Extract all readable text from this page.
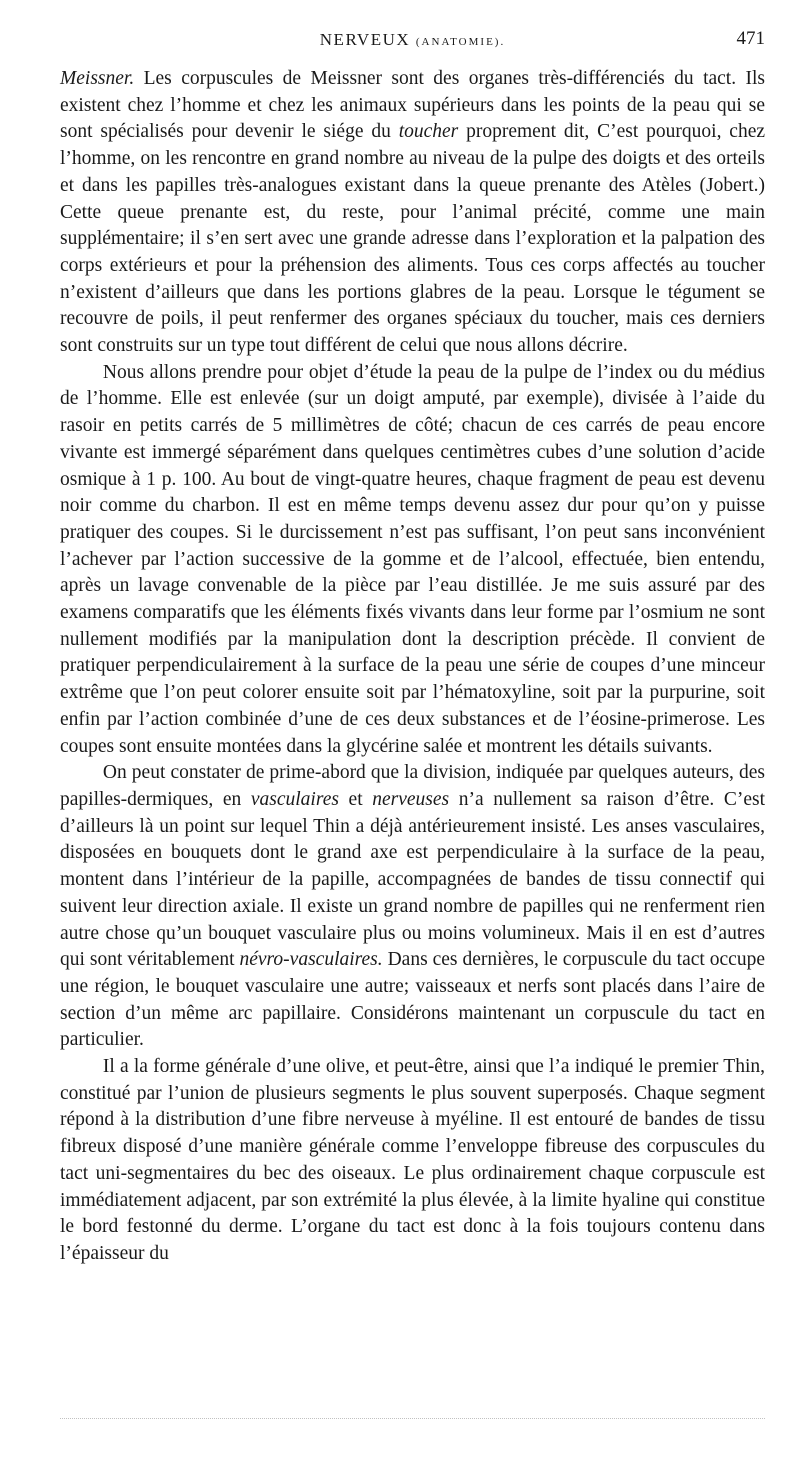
NERVEUX (ANATOMIE).	471

Meissner. Les corpuscules de Meissner sont des organes très-différenciés du tact. Ils existent chez l’homme et chez les animaux supérieurs dans les points de la peau qui se sont spécialisés pour devenir le siége du toucher proprement dit, C’est pourquoi, chez l’homme, on les rencontre en grand nombre au niveau de la pulpe des doigts et des orteils et dans les papilles très-analogues existant dans la queue prenante des Atèles (Jobert.) Cette queue prenante est, du reste, pour l’animal précité, comme une main supplémentaire; il s’en sert avec une grande adresse dans l’exploration et la palpation des corps extérieurs et pour la préhension des aliments. Tous ces corps affectés au toucher n’existent d’ailleurs que dans les portions glabres de la peau. Lorsque le tégument se recouvre de poils, il peut renfermer des organes spéciaux du toucher, mais ces derniers sont construits sur un type tout différent de celui que nous allons décrire.

Nous allons prendre pour objet d’étude la peau de la pulpe de l’index ou du médius de l’homme. Elle est enlevée (sur un doigt amputé, par exemple), divisée à l’aide du rasoir en petits carrés de 5 millimètres de côté; chacun de ces carrés de peau encore vivante est immergé séparément dans quelques centimètres cubes d’une solution d’acide osmique à 1 p. 100. Au bout de vingt-quatre heures, chaque fragment de peau est devenu noir comme du charbon. Il est en même temps devenu assez dur pour qu’on y puisse pratiquer des coupes. Si le durcissement n’est pas suffisant, l’on peut sans inconvénient l’achever par l’action successive de la gomme et de l’alcool, effectuée, bien entendu, après un lavage convenable de la pièce par l’eau distillée. Je me suis assuré par des examens comparatifs que les éléments fixés vivants dans leur forme par l’osmium ne sont nullement modifiés par la manipulation dont la description précède. Il convient de pratiquer perpendiculairement à la surface de la peau une série de coupes d’une minceur extrême que l’on peut colorer ensuite soit par l’hématoxyline, soit par la purpurine, soit enfin par l’action combinée d’une de ces deux substances et de l’éosine-primerose. Les coupes sont ensuite montées dans la glycérine salée et montrent les détails suivants.

On peut constater de prime-abord que la division, indiquée par quelques auteurs, des papilles-dermiques, en vasculaires et nerveuses n’a nullement sa raison d’être. C’est d’ailleurs là un point sur lequel Thin a déjà antérieurement insisté. Les anses vasculaires, disposées en bouquets dont le grand axe est perpendiculaire à la surface de la peau, montent dans l’intérieur de la papille, accompagnées de bandes de tissu connectif qui suivent leur direction axiale. Il existe un grand nombre de papilles qui ne renferment rien autre chose qu’un bouquet vasculaire plus ou moins volumineux. Mais il en est d’autres qui sont véritablement névro-vasculaires. Dans ces dernières, le corpuscule du tact occupe une région, le bouquet vasculaire une autre; vaisseaux et nerfs sont placés dans l’aire de section d’un même arc papillaire. Considérons maintenant un corpuscule du tact en particulier.

Il a la forme générale d’une olive, et peut-être, ainsi que l’a indiqué le premier Thin, constitué par l’union de plusieurs segments le plus souvent superposés. Chaque segment répond à la distribution d’une fibre nerveuse à myéline. Il est entouré de bandes de tissu fibreux disposé d’une manière générale comme l’enveloppe fibreuse des corpuscules du tact uni-segmentaires du bec des oiseaux. Le plus ordinairement chaque corpuscule est immédiatement adjacent, par son extrémité la plus élevée, à la limite hyaline qui constitue le bord festonné du derme. L’organe du tact est donc à la fois toujours contenu dans l’épaisseur du
